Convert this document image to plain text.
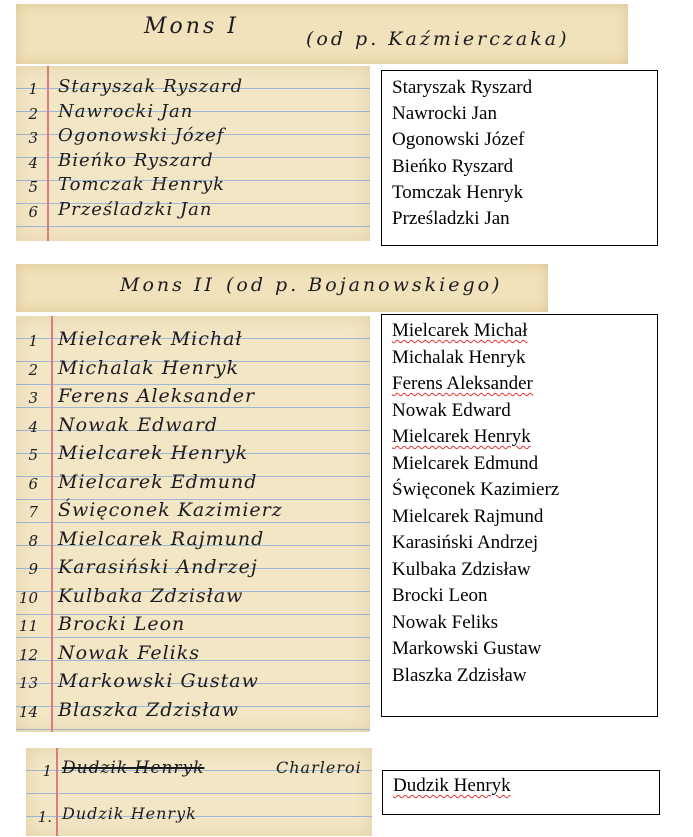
Mons I	(od p. Kaźmierczaka)
1 Staryszak Ryszard
2 Nawrocki Jan
3 Ogonowski Józef
4 Bieńko Ryszard
5 Tomczak Henryk
6 Prześladzki Jan
Staryszak Ryszard
Nawrocki Jan
Ogonowski Józef
Bieńko Ryszard
Tomczak Henryk
Prześladzki Jan
Mons II (od p. Bojanowskiego)
1 Mielcarek Michał
2 Michalak Henryk
3 Ferens Aleksander
4 Nowak Edward
5 Mielcarek Henryk
6 Mielcarek Edmund
7 Święconek Kazimierz
8 Mielcarek Rajmund
9 Karasiński Andrzej
10 Kulbaka Zdzisław
11 Brocki Leon
12 Nowak Feliks
13 Markowski Gustaw
14 Blaszka Zdzisław
Mielcarek Michał
Michalak Henryk
Ferens Aleksander
Nowak Edward
Mielcarek Henryk
Mielcarek Edmund
Święconek Kazimierz
Mielcarek Rajmund
Karasiński Andrzej
Kulbaka Zdzisław
Brocki Leon
Nowak Feliks
Markowski Gustaw
Blaszka Zdzisław
1 Dudzik Henryk	Charleroi
1. Dudzik Henryk
Dudzik Henryk
